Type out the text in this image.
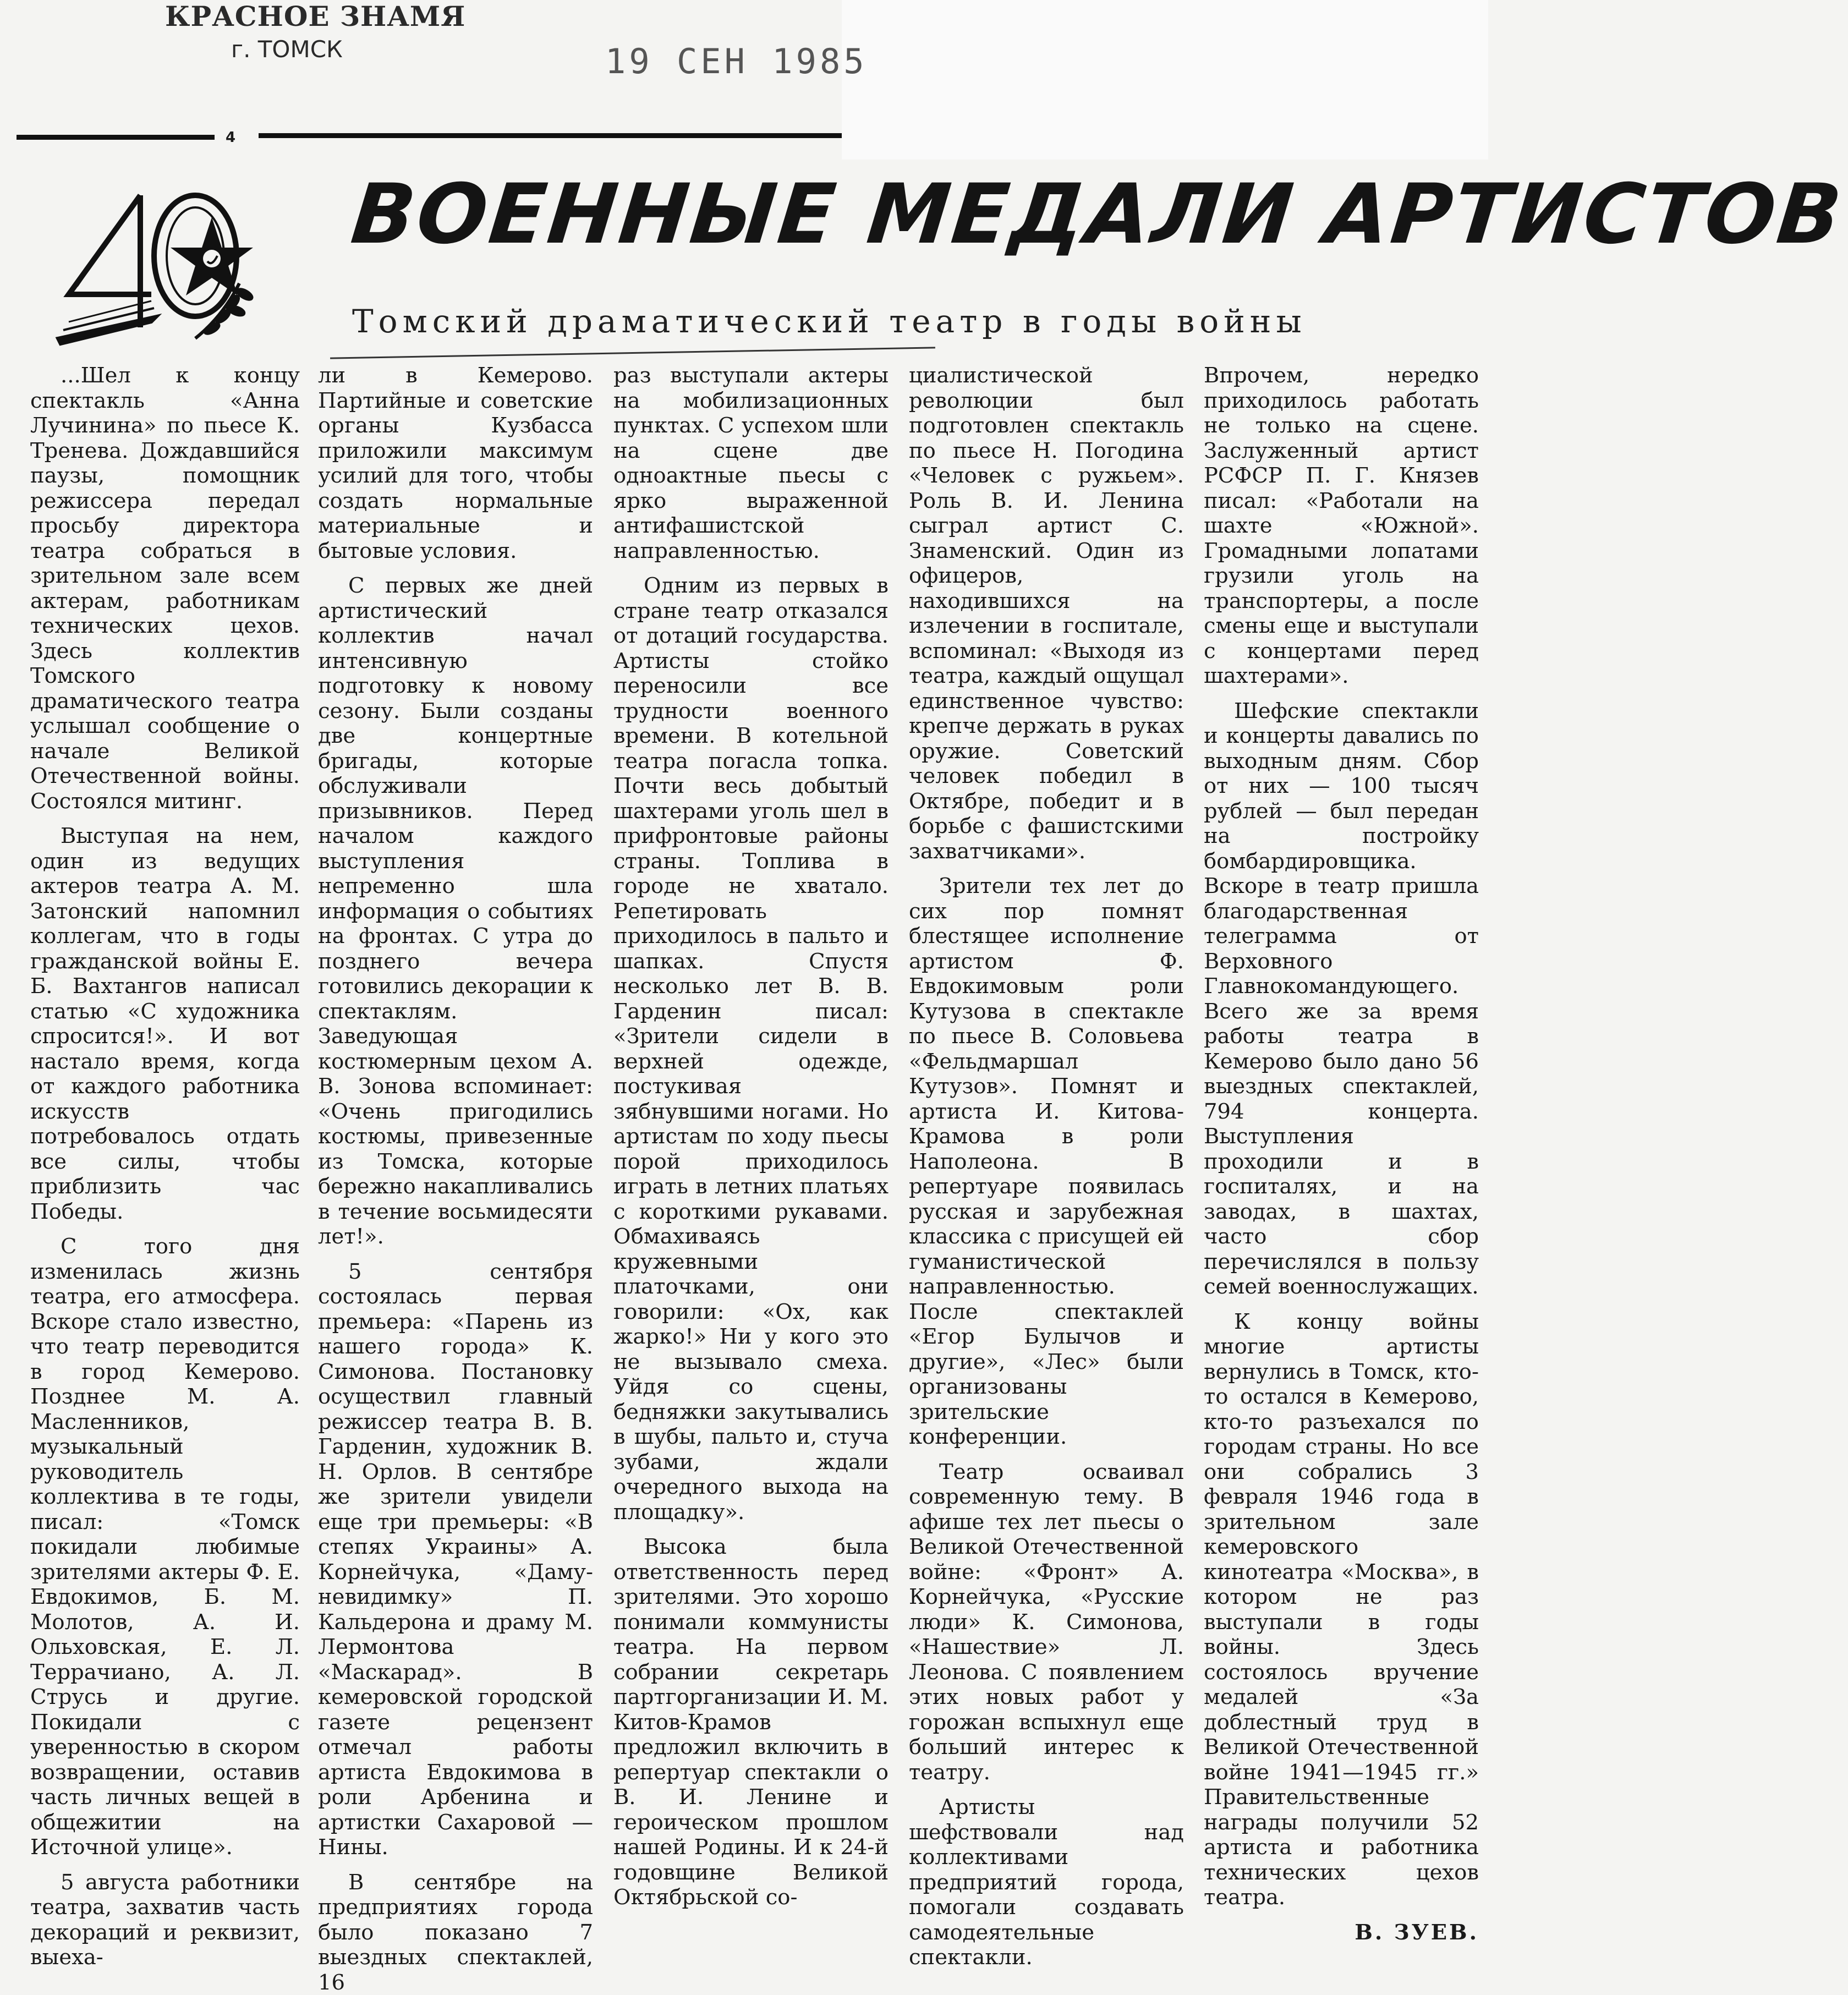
КРАСНОЕ ЗНАМЯ
г. ТОМСК	19 СЕН 1985
4
ВОЕННЫЕ МЕДАЛИ АРТИСТОВ
Томский драматический театр в годы войны

...Шел к концу спектакль «Анна Лучинина» по пьесе К. Тренева. Дождавшийся паузы, помощник режиссера передал просьбу директора театра собраться в зрительном зале всем актерам, работникам технических цехов. Здесь коллектив Томского драматического театра услышал сообщение о начале Великой Отечественной войны. Состоялся митинг.

Выступая на нем, один из ведущих актеров театра А. М. Затонский напомнил коллегам, что в годы гражданской войны Е. Б. Вахтангов написал статью «С художника спросится!». И вот настало время, когда от каждого работника искусств потребовалось отдать все силы, чтобы приблизить час Победы.

С того дня изменилась жизнь театра, его атмосфера. Вскоре стало известно, что театр переводится в город Кемерово. Позднее М. А. Масленников, музыкальный руководитель коллектива в те годы, писал: «Томск покидали любимые зрителями актеры Ф. Е. Евдокимов, Б. М. Молотов, А. И. Ольховская, Е. Л. Террачиано, А. Л. Струсь и другие. Покидали с уверенностью в скором возвращении, оставив часть личных вещей в общежитии на Источной улице».

5 августа работники театра, захватив часть декораций и реквизит, выеха-

ли в Кемерово. Партийные и советские органы Кузбасса приложили максимум усилий для того, чтобы создать нормальные материальные и бытовые условия.

С первых же дней артистический коллектив начал интенсивную подготовку к новому сезону. Были созданы две концертные бригады, которые обслуживали призывников. Перед началом каждого выступления непременно шла информация о событиях на фронтах. С утра до позднего вечера готовились декорации к спектаклям. Заведующая костюмерным цехом А. В. Зонова вспоминает: «Очень пригодились костюмы, привезенные из Томска, которые бережно накапливались в течение восьмидесяти лет!».

5 сентября состоялась первая премьера: «Парень из нашего города» К. Симонова. Постановку осуществил главный режиссер театра В. В. Гарденин, художник В. Н. Орлов. В сентябре же зрители увидели еще три премьеры: «В степях Украины» А. Корнейчука, «Даму-невидимку» П. Кальдерона и драму М. Лермонтова «Маскарад». В кемеровской городской газете рецензент отмечал работы артиста Евдокимова в роли Арбенина и артистки Сахаровой — Нины.

В сентябре на предприятиях города было показано 7 выездных спектаклей, 16

раз выступали актеры на мобилизационных пунктах. С успехом шли на сцене две одноактные пьесы с ярко выраженной антифашистской направленностью.

Одним из первых в стране театр отказался от дотаций государства. Артисты стойко переносили все трудности военного времени. В котельной театра погасла топка. Почти весь добытый шахтерами уголь шел в прифронтовые районы страны. Топлива в городе не хватало. Репетировать приходилось в пальто и шапках. Спустя несколько лет В. В. Гарденин писал: «Зрители сидели в верхней одежде, постукивая зябнувшими ногами. Но артистам по ходу пьесы порой приходилось играть в летних платьях с короткими рукавами. Обмахиваясь кружевными платочками, они говорили: «Ох, как жарко!» Ни у кого это не вызывало смеха. Уйдя со сцены, бедняжки закутывались в шубы, пальто и, стуча зубами, ждали очередного выхода на площадку».

Высока была ответственность перед зрителями. Это хорошо понимали коммунисты театра. На первом собрании секретарь партгорганизации И. М. Китов-Крамов предложил включить в репертуар спектакли о В. И. Ленине и героическом прошлом нашей Родины. И к 24-й годовщине Великой Октябрьской со-

циалистической революции был подготовлен спектакль по пьесе Н. Погодина «Человек с ружьем». Роль В. И. Ленина сыграл артист С. Знаменский. Один из офицеров, находившихся на излечении в госпитале, вспоминал: «Выходя из театра, каждый ощущал единственное чувство: крепче держать в руках оружие. Советский человек победил в Октябре, победит и в борьбе с фашистскими захватчиками».

Зрители тех лет до сих пор помнят блестящее исполнение артистом Ф. Евдокимовым роли Кутузова в спектакле по пьесе В. Соловьева «Фельдмаршал Кутузов». Помнят и артиста И. Китова-Крамова в роли Наполеона. В репертуаре появилась русская и зарубежная классика с присущей ей гуманистической направленностью. После спектаклей «Егор Булычов и другие», «Лес» были организованы зрительские конференции.

Театр осваивал современную тему. В афише тех лет пьесы о Великой Отечественной войне: «Фронт» А. Корнейчука, «Русские люди» К. Симонова, «Нашествие» Л. Леонова. С появлением этих новых работ у горожан вспыхнул еще больший интерес к театру.

Артисты шефствовали над коллективами предприятий города, помогали создавать самодеятельные спектакли.

Впрочем, нередко приходилось работать не только на сцене. Заслуженный артист РСФСР П. Г. Князев писал: «Работали на шахте «Южной». Громадными лопатами грузили уголь на транспортеры, а после смены еще и выступали с концертами перед шахтерами».

Шефские спектакли и концерты давались по выходным дням. Сбор от них — 100 тысяч рублей — был передан на постройку бомбардировщика. Вскоре в театр пришла благодарственная телеграмма от Верховного Главнокомандующего. Всего же за время работы театра в Кемерово было дано 56 выездных спектаклей, 794 концерта. Выступления проходили и в госпиталях, и на заводах, в шахтах, часто сбор перечислялся в пользу семей военнослужащих.

К концу войны многие артисты вернулись в Томск, кто-то остался в Кемерово, кто-то разъехался по городам страны. Но все они собрались 3 февраля 1946 года в зрительном зале кемеровского кинотеатра «Москва», в котором не раз выступали в годы войны. Здесь состоялось вручение медалей «За доблестный труд в Великой Отечественной войне 1941—1945 гг.» Правительственные награды получили 52 артиста и работника технических цехов театра.

В. ЗУЕВ.
